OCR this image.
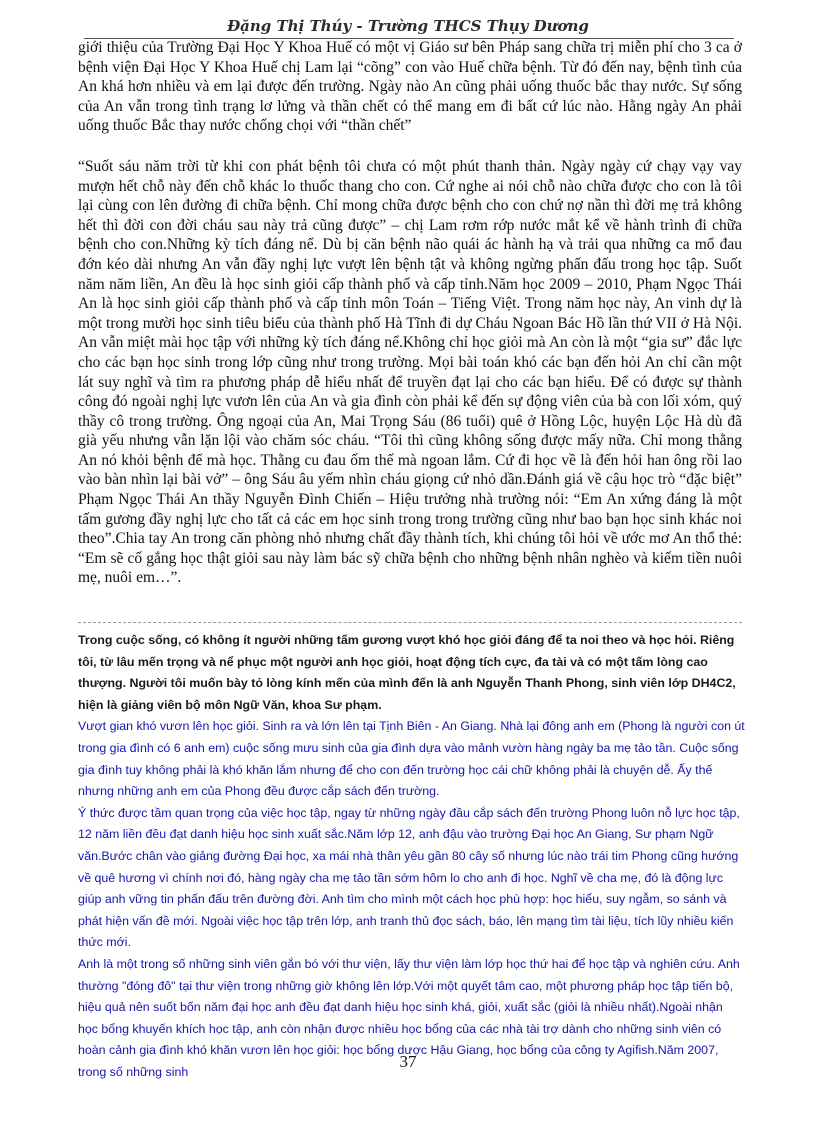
Đặng Thị Thúy - Trường THCS Thụy Dương

giới thiệu của Trường Đại Học Y Khoa Huế có một vị Giáo sư bên Pháp sang chữa trị miễn phí cho 3 ca ở bệnh viện Đại Học Y Khoa Huế chị Lam lại “cõng” con vào Huế chữa bệnh. Từ đó đến nay, bệnh tình của An khá hơn nhiều và em lại được đến trường. Ngày nào An cũng phải uống thuốc bắc thay nước. Sự sống của An vẫn trong tình trạng lơ lửng và thần chết có thể mang em đi bất cứ lúc nào. Hằng ngày An phải uống thuốc Bắc thay nước chống chọi với “thần chết”

“Suốt sáu năm trời từ khi con phát bệnh tôi chưa có một phút thanh thản. Ngày ngày cứ chạy vạy vay mượn hết chỗ này đến chỗ khác lo thuốc thang cho con. Cứ nghe ai nói chỗ nào chữa được cho con là tôi lại cùng con lên đường đi chữa bệnh. Chỉ mong chữa được bệnh cho con chứ nợ nần thì đời mẹ trả không hết thì đời con đời cháu sau này trả cũng được” – chị Lam rơm rớp nước mắt kể về hành trình đi chữa bệnh cho con.Những kỳ tích đáng nể. Dù bị căn bệnh não quái ác hành hạ và trải qua những ca mổ đau đớn kéo dài nhưng An vẫn đầy nghị lực vượt lên bệnh tật và không ngừng phấn đấu trong học tập. Suốt năm năm liền, An đều là học sinh giỏi cấp thành phố và cấp tỉnh.Năm học 2009 – 2010, Phạm Ngọc Thái An là học sinh giỏi cấp thành phố và cấp tỉnh môn Toán – Tiếng Việt. Trong năm học này, An vinh dự là một trong mười học sinh tiêu biểu của thành phố Hà Tĩnh đi dự Cháu Ngoan Bác Hồ lần thứ VII ở Hà Nội. An vẫn miệt mài học tập với những kỳ tích đáng nể.Không chỉ học giỏi mà An còn là một “gia sư” đắc lực cho các bạn học sinh trong lớp cũng như trong trường. Mọi bài toán khó các bạn đến hỏi An chỉ cần một lát suy nghĩ và tìm ra phương pháp dễ hiểu nhất để truyền đạt lại cho các bạn hiểu. Để có được sự thành công đó ngoài nghị lực vươn lên của An và gia đình còn phải kể đến sự động viên của bà con lối xóm, quý thầy cô trong trường. Ông ngoại của An, Mai Trọng Sáu (86 tuổi) quê ở Hồng Lộc, huyện Lộc Hà dù đã già yếu nhưng vẫn lặn lội vào chăm sóc cháu. “Tôi thì cũng không sống được mấy nữa. Chỉ mong thằng An nó khỏi bệnh để mà học. Thằng cu đau ốm thế mà ngoan lắm. Cứ đi học về là đến hỏi han ông rồi lao vào bàn nhìn lại bài vở” – ông Sáu âu yếm nhìn cháu giọng cứ nhỏ dần.Đánh giá về cậu học trò “đặc biệt” Phạm Ngọc Thái An thầy Nguyễn Đình Chiến – Hiệu trưởng nhà trường nói: “Em An xứng đáng là một tấm gương đầy nghị lực cho tất cả các em học sinh trong trong trường cũng như bao bạn học sinh khác noi theo”.Chia tay An trong căn phòng nhỏ nhưng chất đầy thành tích, khi chúng tôi hỏi về ước mơ An thổ thẻ: “Em sẽ cố gắng học thật giỏi sau này làm bác sỹ chữa bệnh cho những bệnh nhân nghèo và kiếm tiền nuôi mẹ, nuôi em…”.

Trong cuộc sống, có không ít người những tấm gương vượt khó học giỏi đáng để ta noi theo và học hỏi. Riêng tôi, từ lâu mến trọng và nể phục một người anh học giỏi, hoạt động tích cực, đa tài và có một tấm lòng cao thượng. Người tôi muốn bày tỏ lòng kính mến của mình đến là anh Nguyễn Thanh Phong, sinh viên lớp DH4C2, hiện là giảng viên bộ môn Ngữ Văn, khoa Sư phạm.

Vượt gian khó vươn lên học giỏi. Sinh ra và lớn lên tại Tịnh Biên - An Giang. Nhà lại đông anh em (Phong là người con út trong gia đình có 6 anh em) cuộc sống mưu sinh của gia đình dựa vào mảnh vườn hàng ngày ba mẹ tảo tần. Cuộc sống gia đình tuy không phải là khó khăn lắm nhưng để cho con đến trường học cái chữ không phải là chuyện dễ. Ấy thế nhưng những anh em của Phong đều được cắp sách đến trường.

Ý thức được tầm quan trọng của việc học tập, ngay từ những ngày đầu cắp sách đến trường Phong luôn nỗ lực học tập, 12 năm liền đều đạt danh hiệu học sinh xuất sắc.Năm lớp 12, anh đậu vào trường Đại học An Giang, Sư phạm Ngữ văn.Bước chân vào giảng đường Đại học, xa mái nhà thân yêu gần 80 cây số nhưng lúc nào trái tim Phong cũng hướng về quê hương vì chính nơi đó, hàng ngày cha mẹ tảo tần sớm hôm lo cho anh đi học. Nghĩ về cha mẹ, đó là động lực giúp anh vững tin phấn đấu trên đường đời. Anh tìm cho mình một cách học phù hợp: học hiểu, suy ngẫm, so sánh và phát hiện vấn đề mới. Ngoài việc học tập trên lớp, anh tranh thủ đọc sách, báo, lên mạng tìm tài liệu, tích lũy nhiều kiến thức mới.

Anh là một trong số những sinh viên gắn bó với thư viện, lấy thư viện làm lớp học thứ hai để học tập và nghiên cứu. Anh thường "đóng đô" tại thư viện trong những giờ không lên lớp.Với một quyết tâm cao, một phương pháp học tập tiến bộ, hiệu quả nên suốt bốn năm đại học anh đều đạt danh hiệu học sinh khá, giỏi, xuất sắc (giỏi là nhiều nhất).Ngoài nhận học bổng khuyến khích học tập, anh còn nhận được nhiều học bổng của các nhà tài trợ dành cho những sinh viên có hoàn cảnh gia đình khó khăn vươn lên học giỏi: học bổng dược Hậu Giang, học bổng của công ty Agifish.Năm 2007, trong số những sinh

37
